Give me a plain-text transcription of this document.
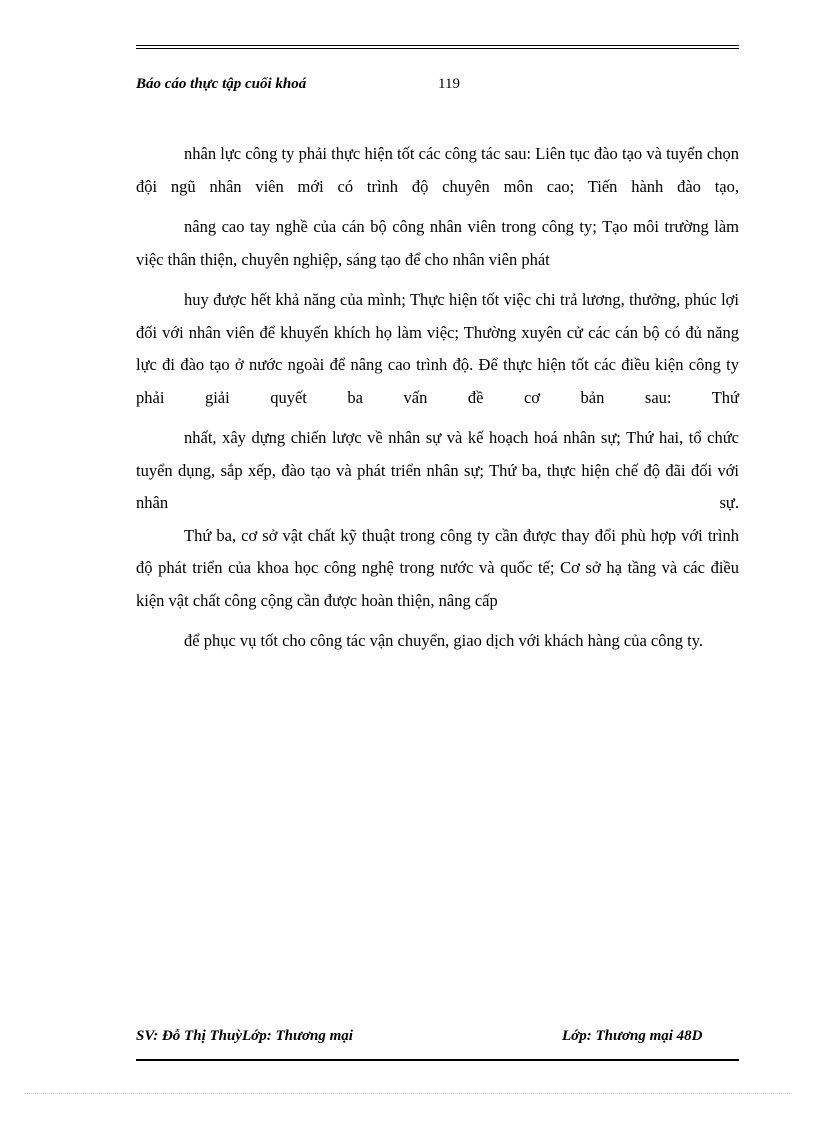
Báo cáo thực tập cuối khoá	119

nhân lực công ty phải thực hiện tốt các công tác sau: Liên tục đào tạo và tuyển chọn đội ngũ nhân viên mới có trình độ chuyên môn cao; Tiến hành đào tạo,

nâng cao tay nghề của cán bộ công nhân viên trong công ty; Tạo môi trường làm việc thân thiện, chuyên nghiệp, sáng tạo để cho nhân viên phát

huy được hết khả năng của mình; Thực hiện tốt việc chi trả lương, thưởng, phúc lợi đối với nhân viên để khuyến khích họ làm việc; Thường xuyên cử các cán bộ có đủ năng lực đi đào tạo ở nước ngoài để nâng cao trình độ. Để thực hiện tốt các điều kiện công ty phải giải quyết ba vấn đề cơ bản sau: Thứ

nhất, xây dựng chiến lược về nhân sự và kế hoạch hoá nhân sự; Thứ hai, tổ chức tuyển dụng, sắp xếp, đào tạo và phát triển nhân sự; Thứ ba, thực hiện chế độ đãi đối với nhân sự.

Thứ ba, cơ sở vật chất kỹ thuật trong công ty cần được thay đổi phù hợp với trình độ phát triển của khoa học công nghệ trong nước và quốc tế; Cơ sở hạ tầng và các điều kiện vật chất công cộng cần được hoàn thiện, nâng cấp

để phục vụ tốt cho công tác vận chuyển, giao dịch với khách hàng của công ty.

SV: Đỗ Thị ThuỳLớp: Thương mại	Lớp: Thương mại 48D
